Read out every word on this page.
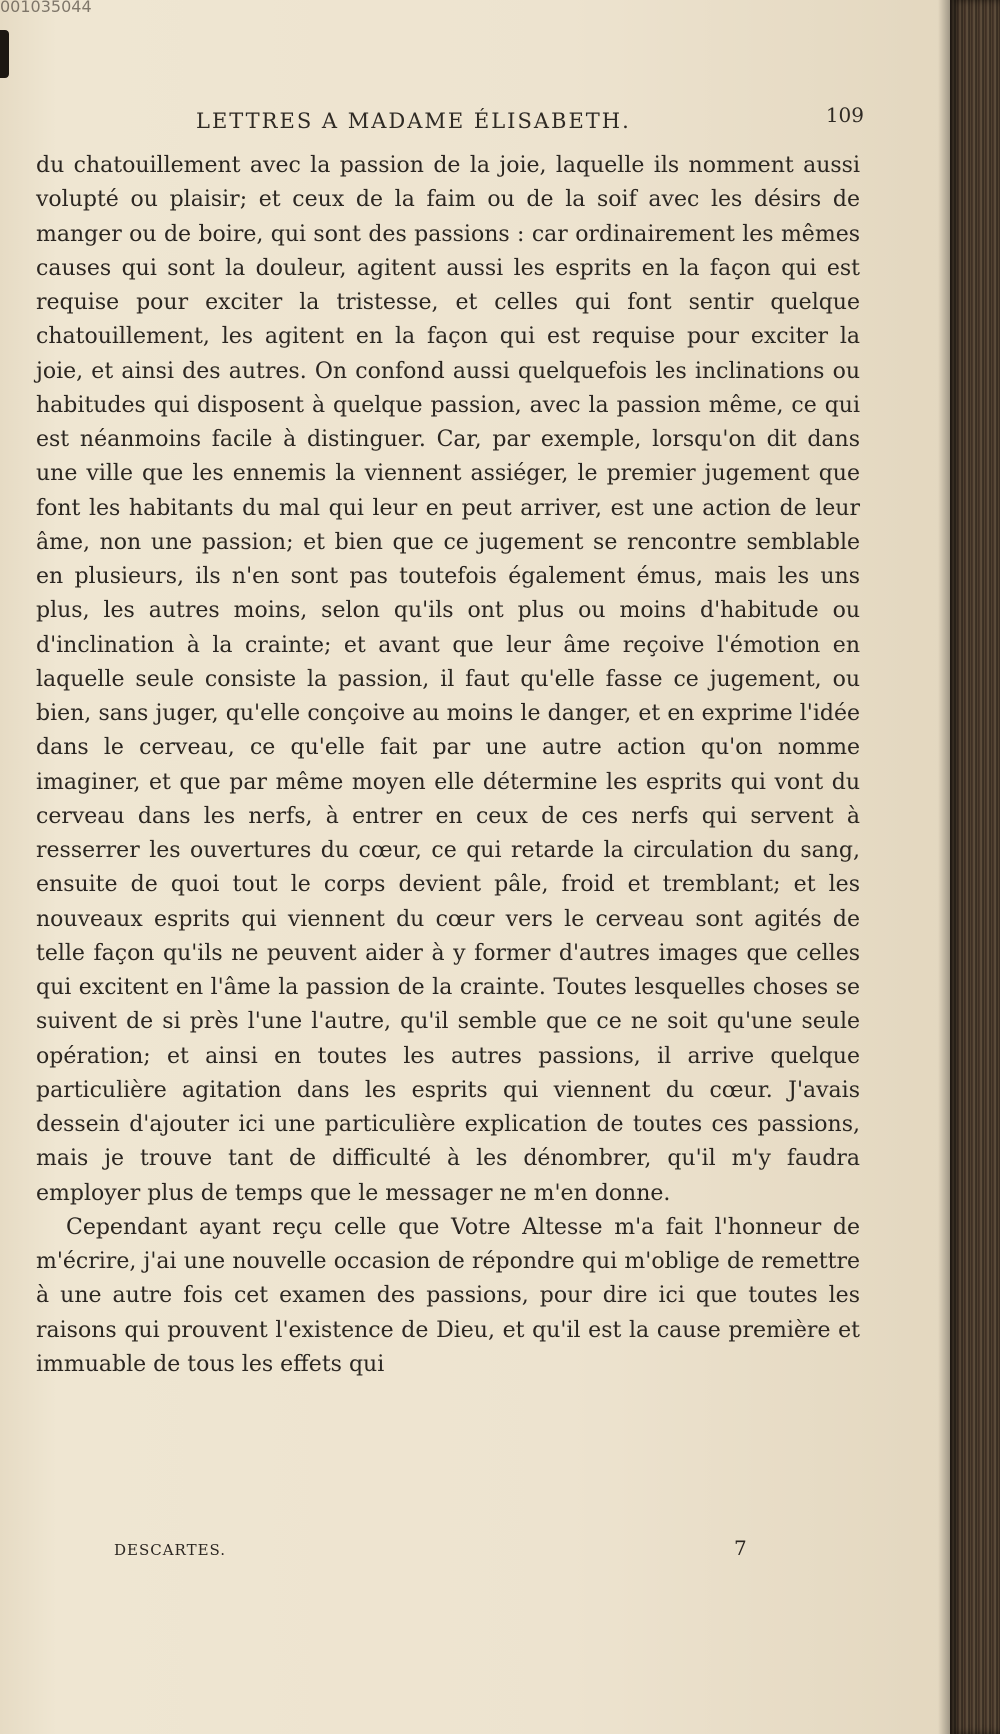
001035044
LETTRES A MADAME ÉLISABETH.	109

du chatouillement avec la passion de la joie, laquelle ils nomment aussi volupté ou plaisir; et ceux de la faim ou de la soif avec les désirs de manger ou de boire, qui sont des passions : car ordinairement les mêmes causes qui sont la douleur, agitent aussi les esprits en la façon qui est requise pour exciter la tristesse, et celles qui font sentir quelque chatouillement, les agitent en la façon qui est requise pour exciter la joie, et ainsi des autres. On confond aussi quelquefois les inclinations ou habitudes qui disposent à quelque passion, avec la passion même, ce qui est néanmoins facile à distinguer. Car, par exemple, lorsqu'on dit dans une ville que les ennemis la viennent assiéger, le premier jugement que font les habitants du mal qui leur en peut arriver, est une action de leur âme, non une passion; et bien que ce jugement se rencontre semblable en plusieurs, ils n'en sont pas toutefois également émus, mais les uns plus, les autres moins, selon qu'ils ont plus ou moins d'habitude ou d'inclination à la crainte; et avant que leur âme reçoive l'émotion en laquelle seule consiste la passion, il faut qu'elle fasse ce jugement, ou bien, sans juger, qu'elle conçoive au moins le danger, et en exprime l'idée dans le cerveau, ce qu'elle fait par une autre action qu'on nomme imaginer, et que par même moyen elle détermine les esprits qui vont du cerveau dans les nerfs, à entrer en ceux de ces nerfs qui servent à resserrer les ouvertures du cœur, ce qui retarde la circulation du sang, ensuite de quoi tout le corps devient pâle, froid et tremblant; et les nouveaux esprits qui viennent du cœur vers le cerveau sont agités de telle façon qu'ils ne peuvent aider à y former d'autres images que celles qui excitent en l'âme la passion de la crainte. Toutes lesquelles choses se suivent de si près l'une l'autre, qu'il semble que ce ne soit qu'une seule opération; et ainsi en toutes les autres passions, il arrive quelque particulière agitation dans les esprits qui viennent du cœur. J'avais dessein d'ajouter ici une particulière explication de toutes ces passions, mais je trouve tant de difficulté à les dénombrer, qu'il m'y faudra employer plus de temps que le messager ne m'en donne.

Cependant ayant reçu celle que Votre Altesse m'a fait l'honneur de m'écrire, j'ai une nouvelle occasion de répondre qui m'oblige de remettre à une autre fois cet examen des passions, pour dire ici que toutes les raisons qui prouvent l'existence de Dieu, et qu'il est la cause première et immuable de tous les effets qui

DESCARTES.	7
